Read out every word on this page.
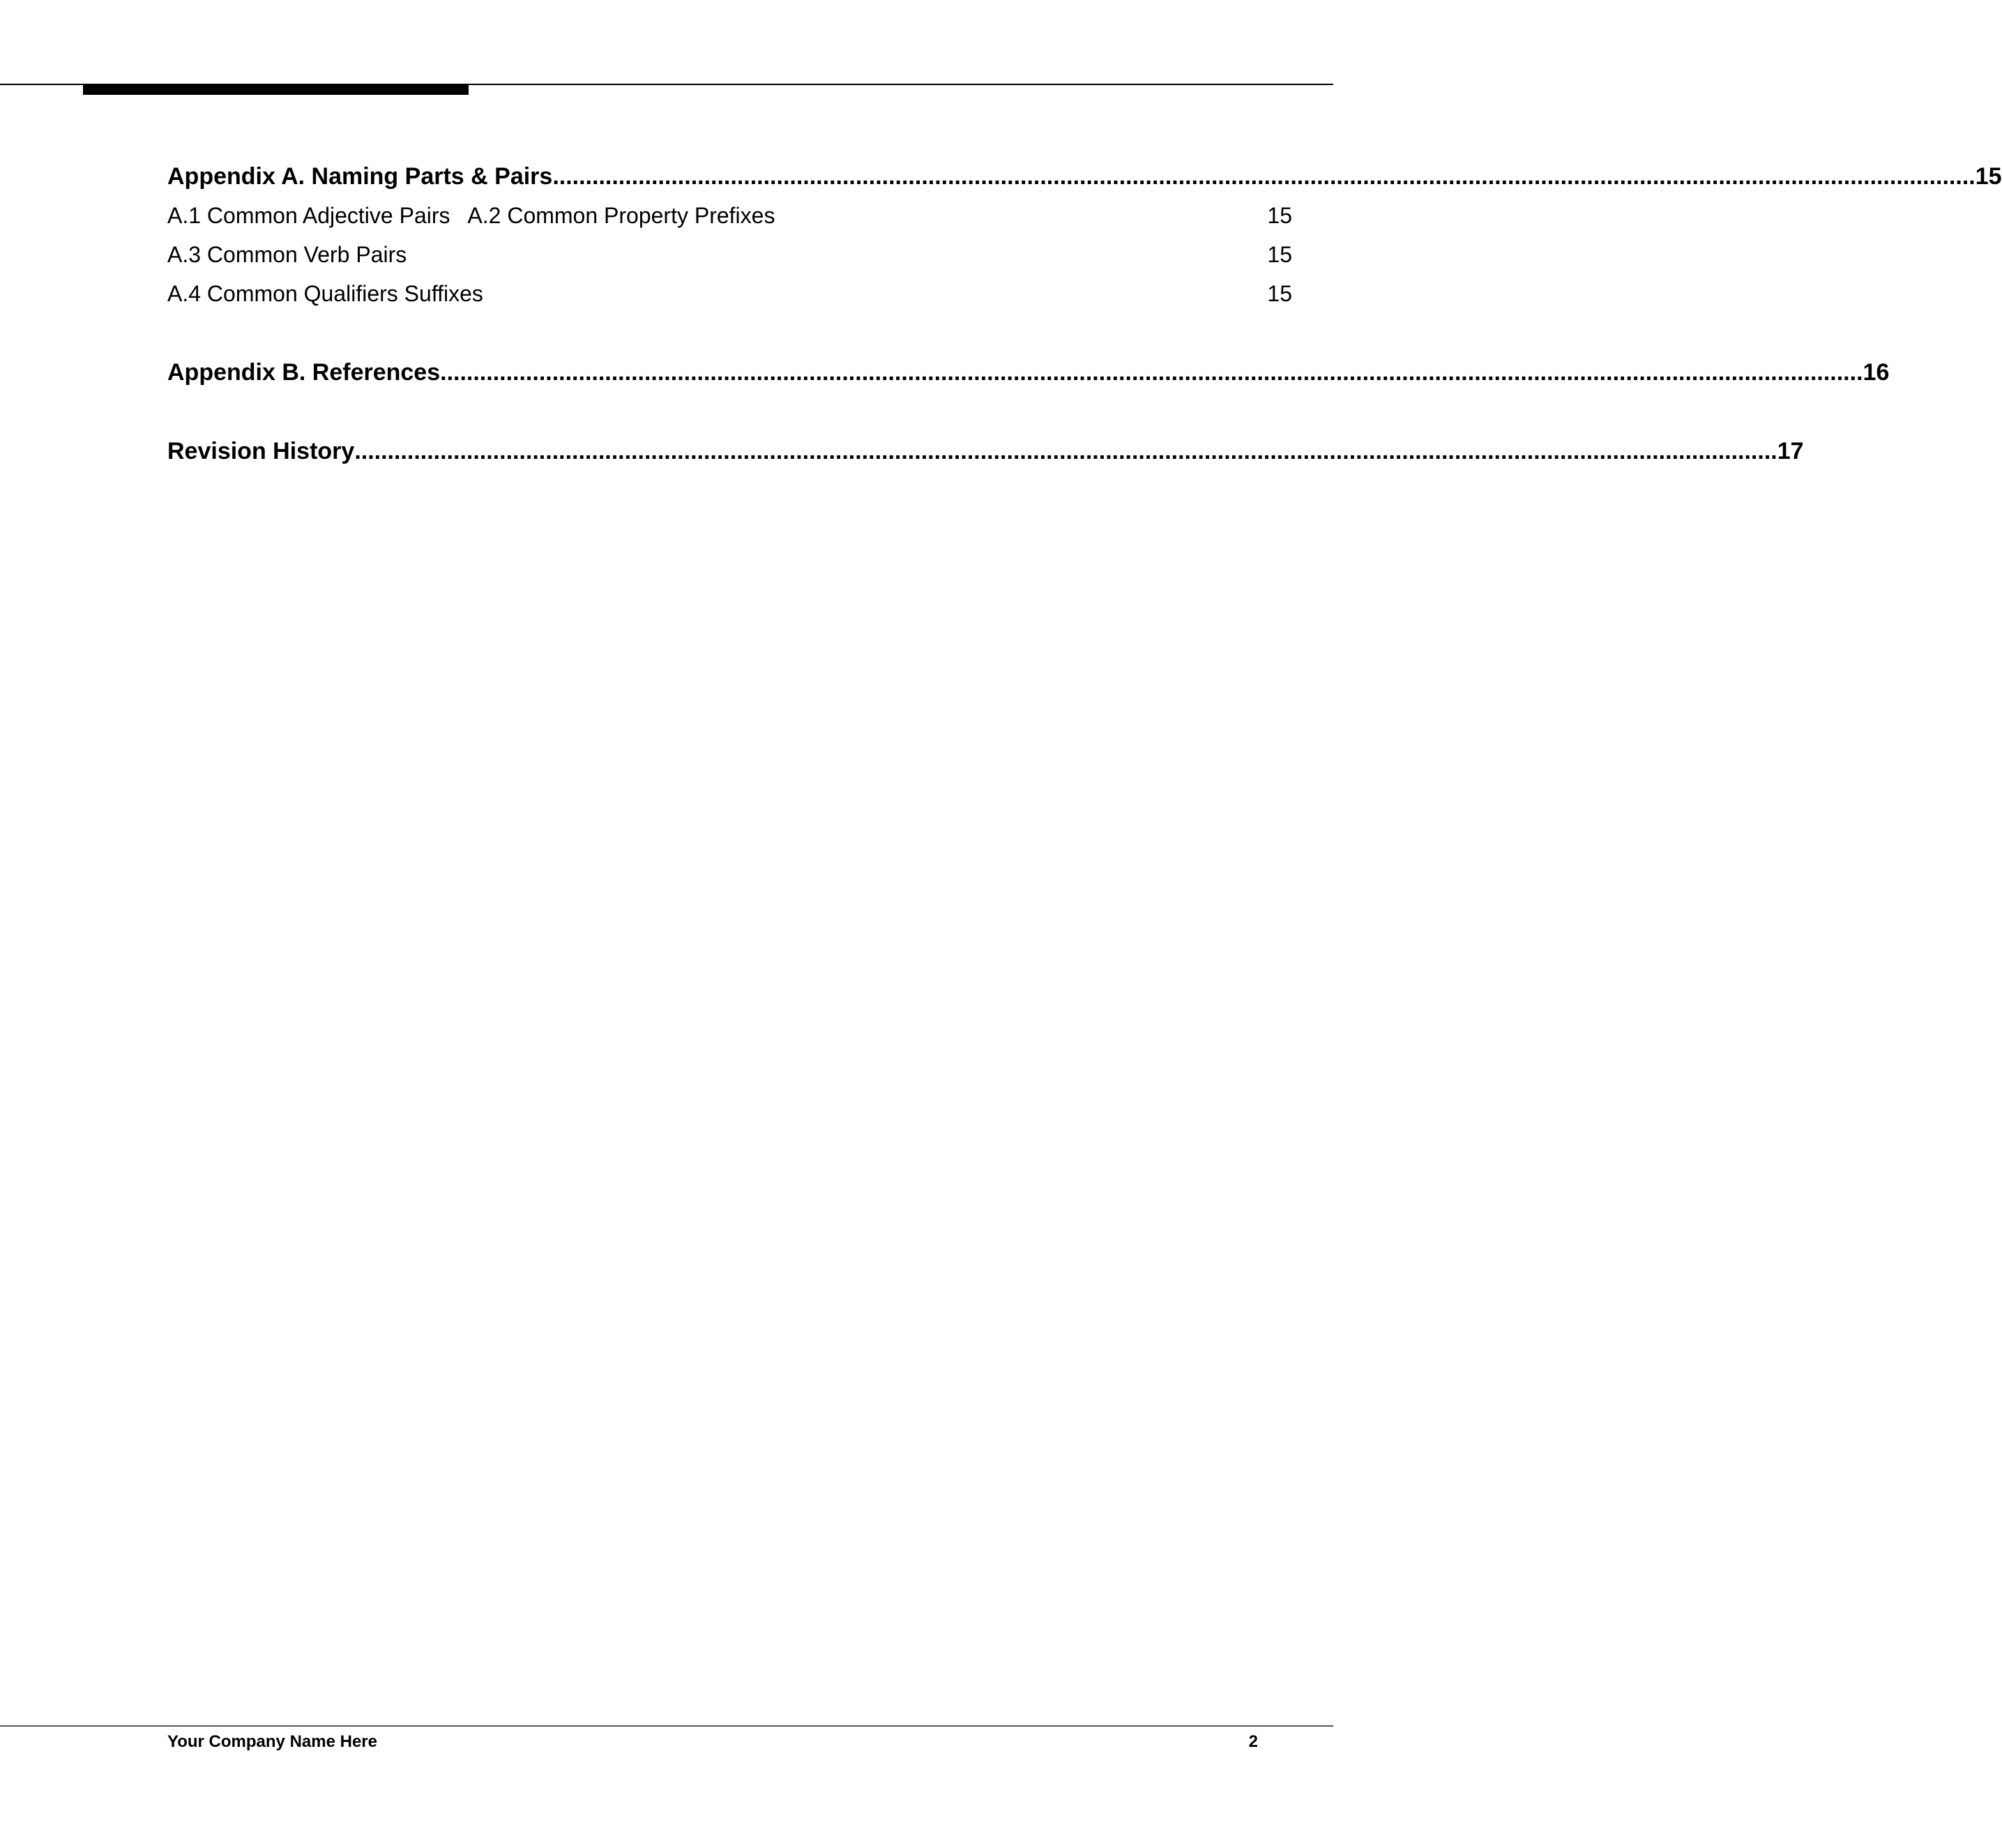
Appendix A. Naming Parts & Pairs ........................................................................................................................................................................................................................ 15
A.1 Common Adjective Pairs   A.2 Common Property Prefixes	15
A.3 Common Verb Pairs	15
A.4 Common Qualifiers Suffixes	15
Appendix B. References ........................................................................................................................................................................................................................ 16
Revision History ........................................................................................................................................................................................................................ 17
Your Company Name Here	2
